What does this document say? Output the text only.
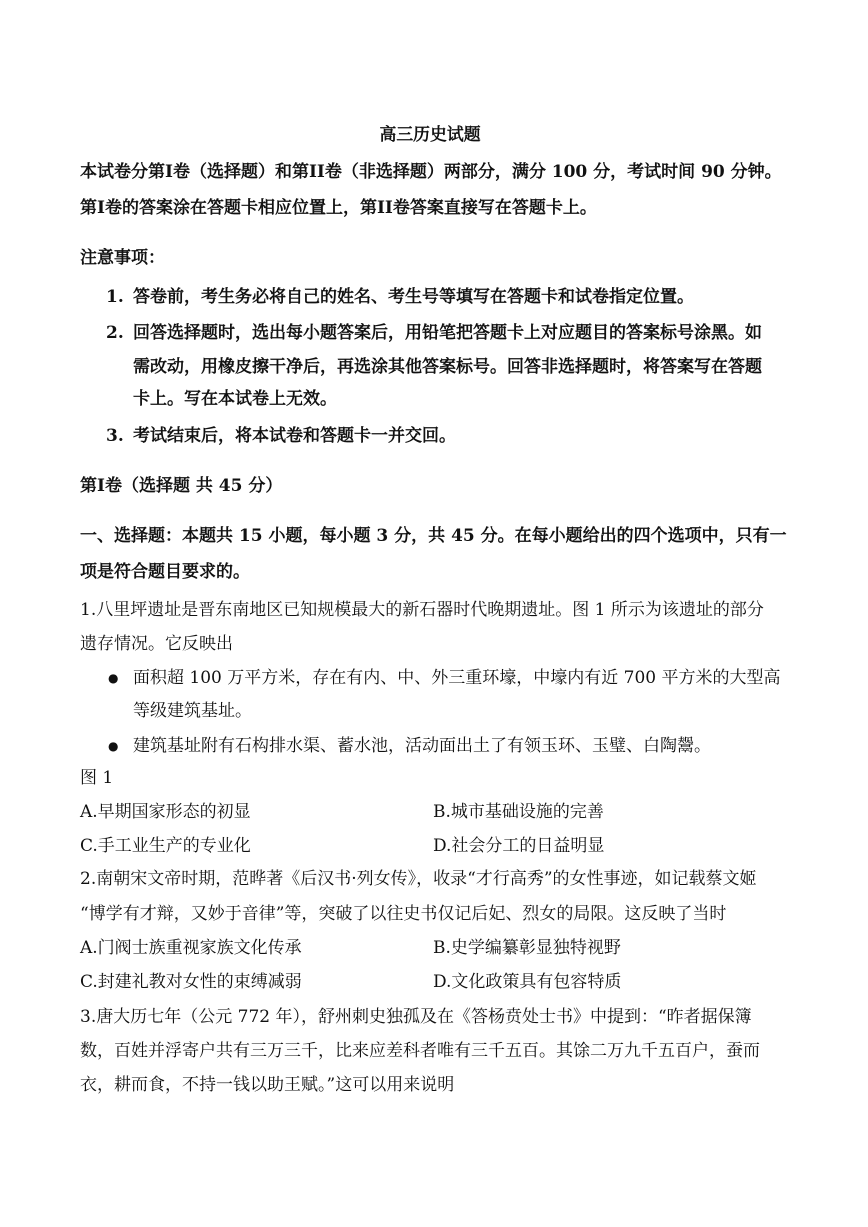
高三历史试题
本试卷分第I卷（选择题）和第II卷（非选择题）两部分，满分 100 分，考试时间 90 分钟。
第I卷的答案涂在答题卡相应位置上，第II卷答案直接写在答题卡上。
注意事项：
1. 答卷前，考生务必将自己的姓名、考生号等填写在答题卡和试卷指定位置。
2. 回答选择题时，选出每小题答案后，用铅笔把答题卡上对应题目的答案标号涂黑。如
需改动，用橡皮擦干净后，再选涂其他答案标号。回答非选择题时，将答案写在答题
卡上。写在本试卷上无效。
3. 考试结束后，将本试卷和答题卡一并交回。
第I卷（选择题 共 45 分）
一、选择题：本题共 15 小题，每小题 3 分，共 45 分。在每小题给出的四个选项中，只有一
项是符合题目要求的。
1.八里坪遗址是晋东南地区已知规模最大的新石器时代晚期遗址。图 1 所示为该遗址的部分
遗存情况。它反映出
● 面积超 100 万平方米，存在有内、中、外三重环壕，中壕内有近 700 平方米的大型高
等级建筑基址。
● 建筑基址附有石构排水渠、蓄水池，活动面出土了有领玉环、玉璧、白陶鬶。
图 1
A.早期国家形态的初显	B.城市基础设施的完善
C.手工业生产的专业化	D.社会分工的日益明显
2.南朝宋文帝时期，范晔著《后汉书·列女传》，收录“才行高秀”的女性事迹，如记载蔡文姬
“博学有才辩，又妙于音律”等，突破了以往史书仅记后妃、烈女的局限。这反映了当时
A.门阀士族重视家族文化传承	B.史学编纂彰显独特视野
C.封建礼教对女性的束缚减弱	D.文化政策具有包容特质
3.唐大历七年（公元 772 年），舒州刺史独孤及在《答杨贲处士书》中提到：“昨者据保簿
数，百姓并浮寄户共有三万三千，比来应差科者唯有三千五百。其馀二万九千五百户，蚕而
衣，耕而食，不持一钱以助王赋。”这可以用来说明
